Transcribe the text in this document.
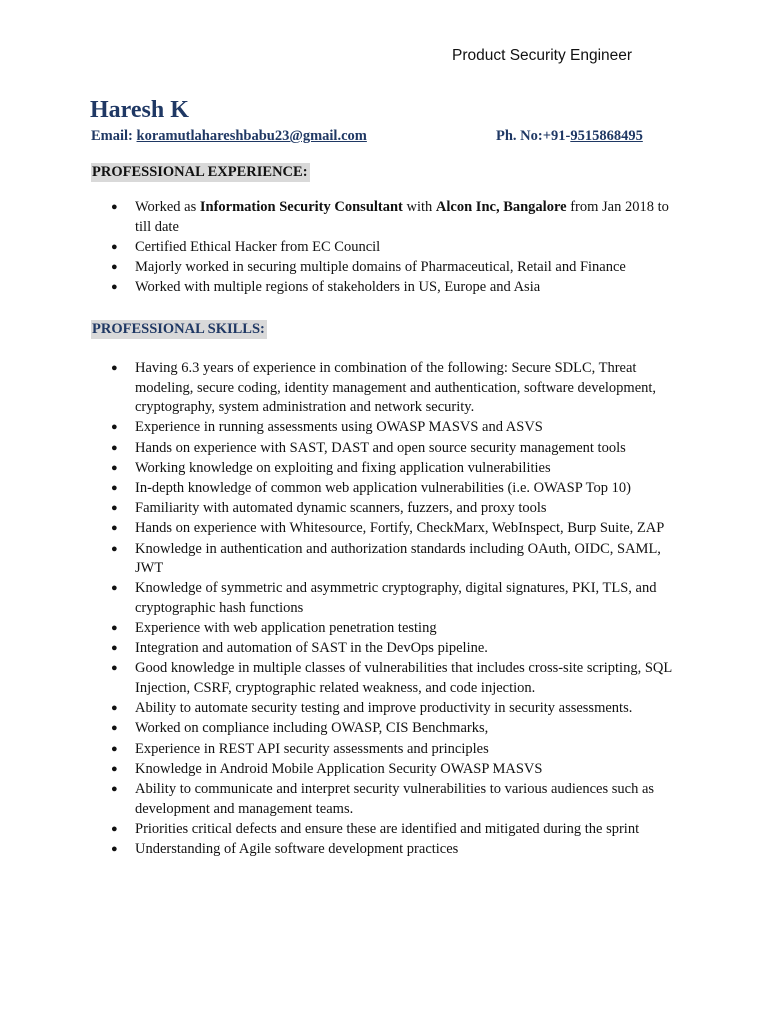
Product Security Engineer
Haresh K
Email: koramutlahareshbabu23@gmail.com	Ph. No:+91-9515868495
PROFESSIONAL EXPERIENCE:
● Worked as Information Security Consultant with Alcon Inc, Bangalore from Jan 2018 to till date
● Certified Ethical Hacker from EC Council
● Majorly worked in securing multiple domains of Pharmaceutical, Retail and Finance
● Worked with multiple regions of stakeholders in US, Europe and Asia
PROFESSIONAL SKILLS:
● Having 6.3 years of experience in combination of the following: Secure SDLC, Threat modeling, secure coding, identity management and authentication, software development, cryptography, system administration and network security.
● Experience in running assessments using OWASP MASVS and ASVS
● Hands on experience with SAST, DAST and open source security management tools
● Working knowledge on exploiting and fixing application vulnerabilities
● In-depth knowledge of common web application vulnerabilities (i.e. OWASP Top 10)
● Familiarity with automated dynamic scanners, fuzzers, and proxy tools
● Hands on experience with Whitesource, Fortify, CheckMarx, WebInspect, Burp Suite, ZAP
● Knowledge in authentication and authorization standards including OAuth, OIDC, SAML, JWT
● Knowledge of symmetric and asymmetric cryptography, digital signatures, PKI, TLS, and cryptographic hash functions
● Experience with web application penetration testing
● Integration and automation of SAST in the DevOps pipeline.
● Good knowledge in multiple classes of vulnerabilities that includes cross-site scripting, SQL Injection, CSRF, cryptographic related weakness, and code injection.
● Ability to automate security testing and improve productivity in security assessments.
● Worked on compliance including OWASP, CIS Benchmarks,
● Experience in REST API security assessments and principles
● Knowledge in Android Mobile Application Security OWASP MASVS
● Ability to communicate and interpret security vulnerabilities to various audiences such as development and management teams.
● Priorities critical defects and ensure these are identified and mitigated during the sprint
● Understanding of Agile software development practices
